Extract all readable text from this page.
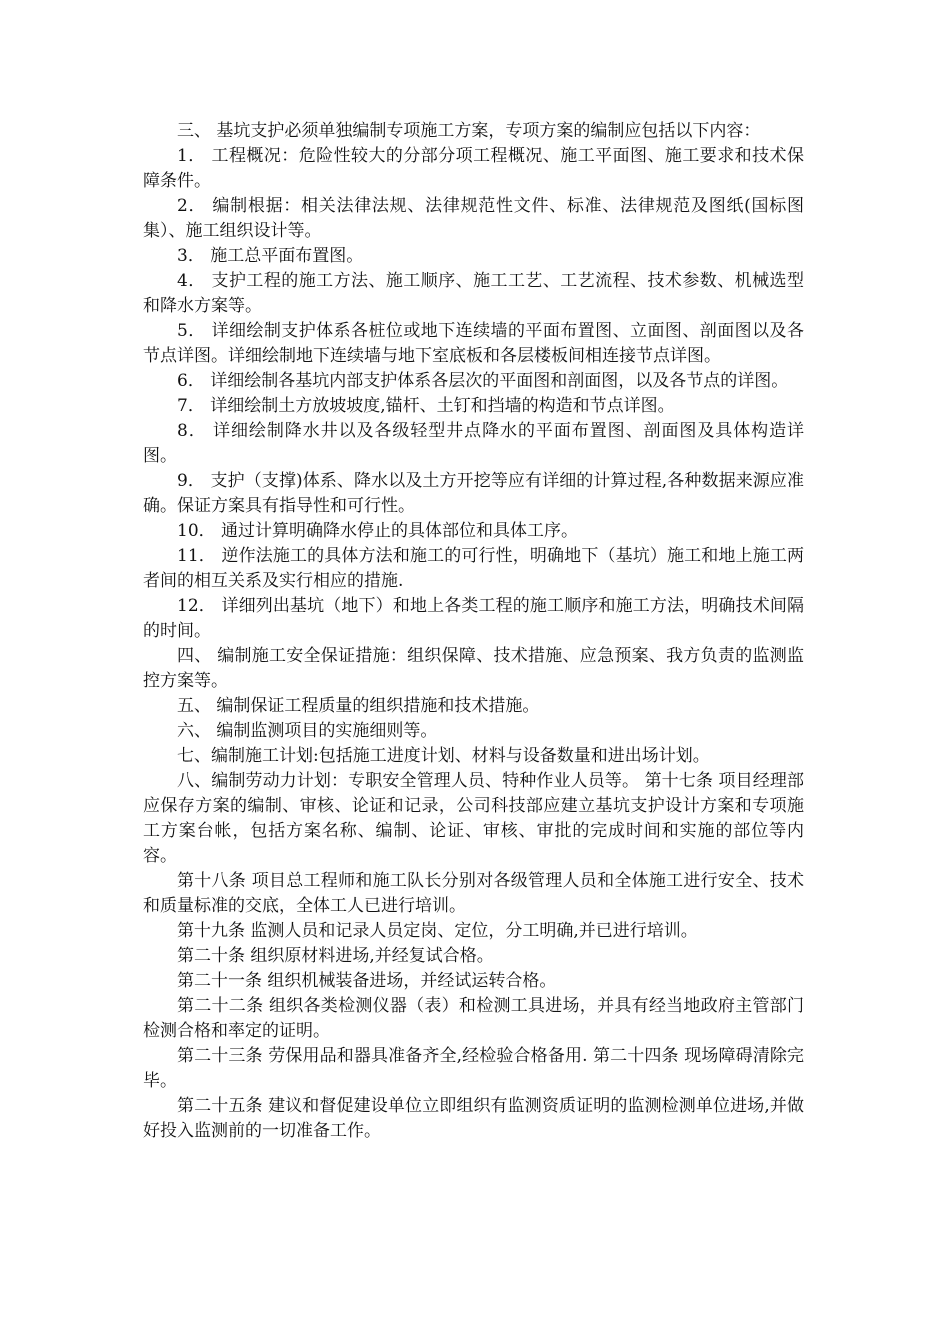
三、 基坑支护必须单独编制专项施工方案，专项方案的编制应包括以下内容：

1． 工程概况：危险性较大的分部分项工程概况、施工平面图、施工要求和技术保障条件。

2． 编制根据：相关法律法规、法律规范性文件、标准、法律规范及图纸(国标图集）、施工组织设计等。

3． 施工总平面布置图。

4． 支护工程的施工方法、施工顺序、施工工艺、工艺流程、技术参数、机械选型和降水方案等。

5． 详细绘制支护体系各桩位或地下连续墙的平面布置图、立面图、剖面图以及各节点详图。详细绘制地下连续墙与地下室底板和各层楼板间相连接节点详图。

6． 详细绘制各基坑内部支护体系各层次的平面图和剖面图，以及各节点的详图。

7． 详细绘制土方放坡坡度,锚杆、土钉和挡墙的构造和节点详图。

8． 详细绘制降水井以及各级轻型井点降水的平面布置图、剖面图及具体构造详图。

9． 支护（支撑)体系、降水以及土方开挖等应有详细的计算过程,各种数据来源应准确。保证方案具有指导性和可行性。

10． 通过计算明确降水停止的具体部位和具体工序。

11． 逆作法施工的具体方法和施工的可行性，明确地下（基坑）施工和地上施工两者间的相互关系及实行相应的措施.

12． 详细列出基坑（地下）和地上各类工程的施工顺序和施工方法，明确技术间隔的时间。

四、 编制施工安全保证措施：组织保障、技术措施、应急预案、我方负责的监测监控方案等。

五、 编制保证工程质量的组织措施和技术措施。

六、 编制监测项目的实施细则等。

七、编制施工计划:包括施工进度计划、材料与设备数量和进出场计划。

八、编制劳动力计划：专职安全管理人员、特种作业人员等。 第十七条 项目经理部应保存方案的编制、审核、论证和记录，公司科技部应建立基坑支护设计方案和专项施工方案台帐，包括方案名称、编制、论证、审核、审批的完成时间和实施的部位等内容。

第十八条 项目总工程师和施工队长分别对各级管理人员和全体施工进行安全、技术和质量标准的交底，全体工人已进行培训。

第十九条 监测人员和记录人员定岗、定位，分工明确,并已进行培训。

第二十条 组织原材料进场,并经复试合格。

第二十一条 组织机械装备进场，并经试运转合格。

第二十二条 组织各类检测仪器（表）和检测工具进场，并具有经当地政府主管部门检测合格和率定的证明。

第二十三条 劳保用品和器具准备齐全,经检验合格备用. 第二十四条 现场障碍清除完毕。

第二十五条 建议和督促建设单位立即组织有监测资质证明的监测检测单位进场,并做好投入监测前的一切准备工作。
